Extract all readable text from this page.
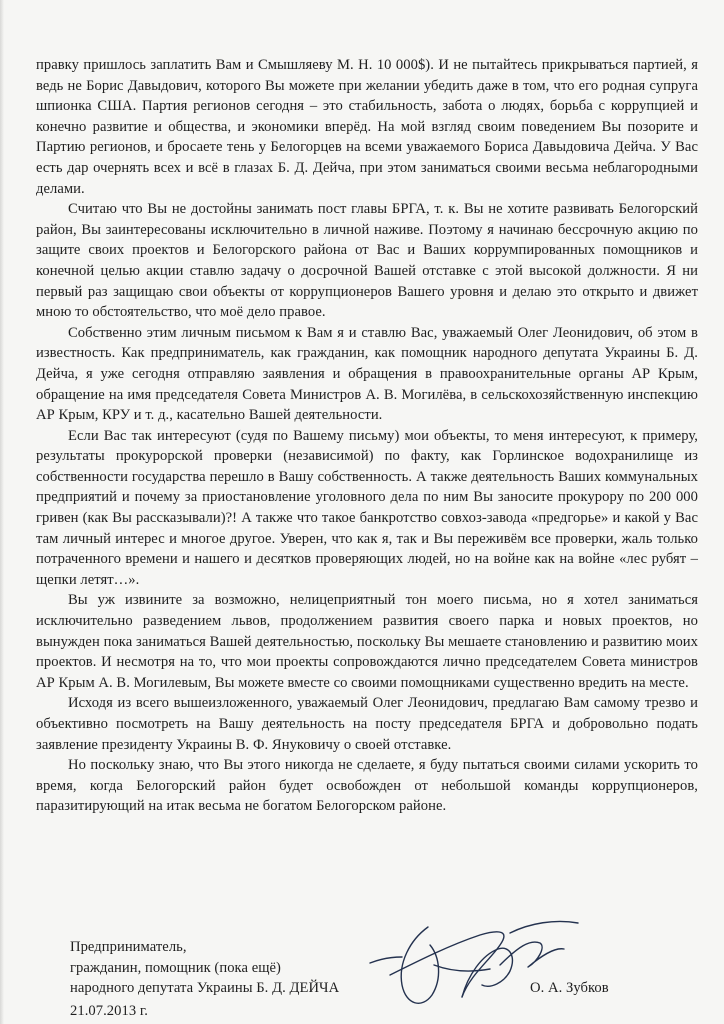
правку пришлось заплатить Вам и Смышляеву М. Н. 10 000$). И не пытайтесь прикрываться партией, я ведь не Борис Давыдович, которого Вы можете при желании убедить даже в том, что его родная супруга шпионка США. Партия регионов сегодня – это стабильность, забота о людях, борьба с коррупцией и конечно развитие и общества, и экономики вперёд. На мой взгляд своим поведением Вы позорите и Партию регионов, и бросаете тень у Белогорцев на всеми уважаемого Бориса Давыдовича Дейча. У Вас есть дар очернять всех и всё в глазах Б. Д. Дейча, при этом заниматься своими весьма неблагородными делами.

Считаю что Вы не достойны занимать пост главы БРГА, т. к. Вы не хотите развивать Белогорский район, Вы заинтересованы исключительно в личной наживе. Поэтому я начинаю бессрочную акцию по защите своих проектов и Белогорского района от Вас и Ваших коррумпированных помощников и конечной целью акции ставлю задачу о досрочной Вашей отставке с этой высокой должности. Я ни первый раз защищаю свои объекты от коррупционеров Вашего уровня и делаю это открыто и движет мною то обстоятельство, что моё дело правое.

Собственно этим личным письмом к Вам я и ставлю Вас, уважаемый Олег Леонидович, об этом в известность. Как предприниматель, как гражданин, как помощник народного депутата Украины Б. Д. Дейча, я уже сегодня отправляю заявления и обращения в правоохранительные органы АР Крым, обращение на имя председателя Совета Министров А. В. Могилёва, в сельскохозяйственную инспекцию АР Крым, КРУ и т. д., касательно Вашей деятельности.

Если Вас так интересуют (судя по Вашему письму) мои объекты, то меня интересуют, к примеру, результаты прокурорской проверки (независимой) по факту, как Горлинское водохранилище из собственности государства перешло в Вашу собственность. А также деятельность Ваших коммунальных предприятий и почему за приостановление уголовного дела по ним Вы заносите прокурору по 200 000 гривен (как Вы рассказывали)?! А также что такое банкротство совхоз-завода «предгорье» и какой у Вас там личный интерес и многое другое. Уверен, что как я, так и Вы переживём все проверки, жаль только потраченного времени и нашего и десятков проверяющих людей, но на войне как на войне «лес рубят – щепки летят…».

Вы уж извините за возможно, нелицеприятный тон моего письма, но я хотел заниматься исключительно разведением львов, продолжением развития своего парка и новых проектов, но вынужден пока заниматься Вашей деятельностью, поскольку Вы мешаете становлению и развитию моих проектов. И несмотря на то, что мои проекты сопровождаются лично председателем Совета министров АР Крым А. В. Могилевым, Вы можете вместе со своими помощниками существенно вредить на месте.

Исходя из всего вышеизложенного, уважаемый Олег Леонидович, предлагаю Вам самому трезво и объективно посмотреть на Вашу деятельность на посту председателя БРГА и добровольно подать заявление президенту Украины В. Ф. Януковичу о своей отставке.

Но поскольку знаю, что Вы этого никогда не сделаете, я буду пытаться своими силами ускорить то время, когда Белогорский район будет освобожден от небольшой команды коррупционеров, паразитирующий на итак весьма не богатом Белогорском районе.

Предприниматель,
гражданин, помощник (пока ещё)
народного депутата Украины Б. Д. ДЕЙЧА	О. А. Зубков
21.07.2013 г.
